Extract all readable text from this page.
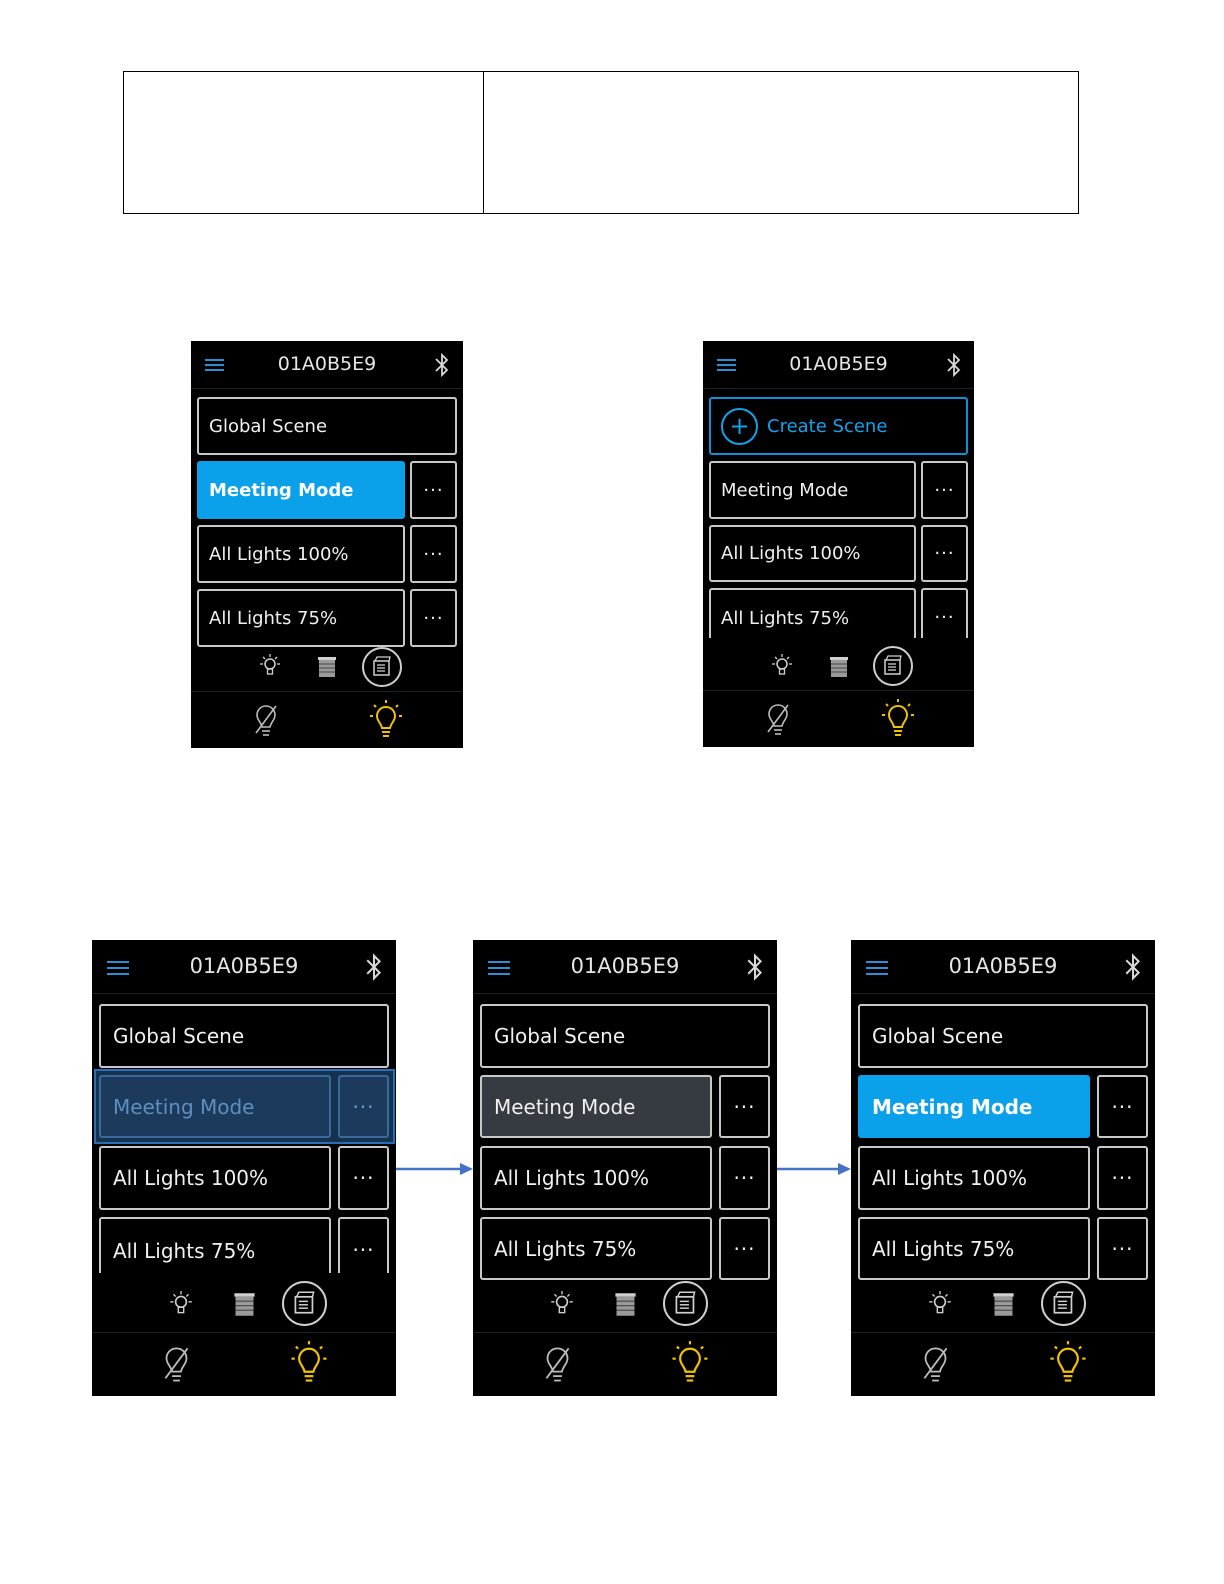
01A0B5E9
Global Scene
Meeting Mode	···
All Lights 100%	···
All Lights 75%	···
01A0B5E9
+ Create Scene
Meeting Mode	···
All Lights 100%	···
All Lights 75%	···
01A0B5E9
Global Scene
Meeting Mode	···
All Lights 100%	···
All Lights 75%	···
01A0B5E9
Global Scene
Meeting Mode	···
All Lights 100%	···
All Lights 75%	···
01A0B5E9
Global Scene
Meeting Mode	···
All Lights 100%	···
All Lights 75%	···
